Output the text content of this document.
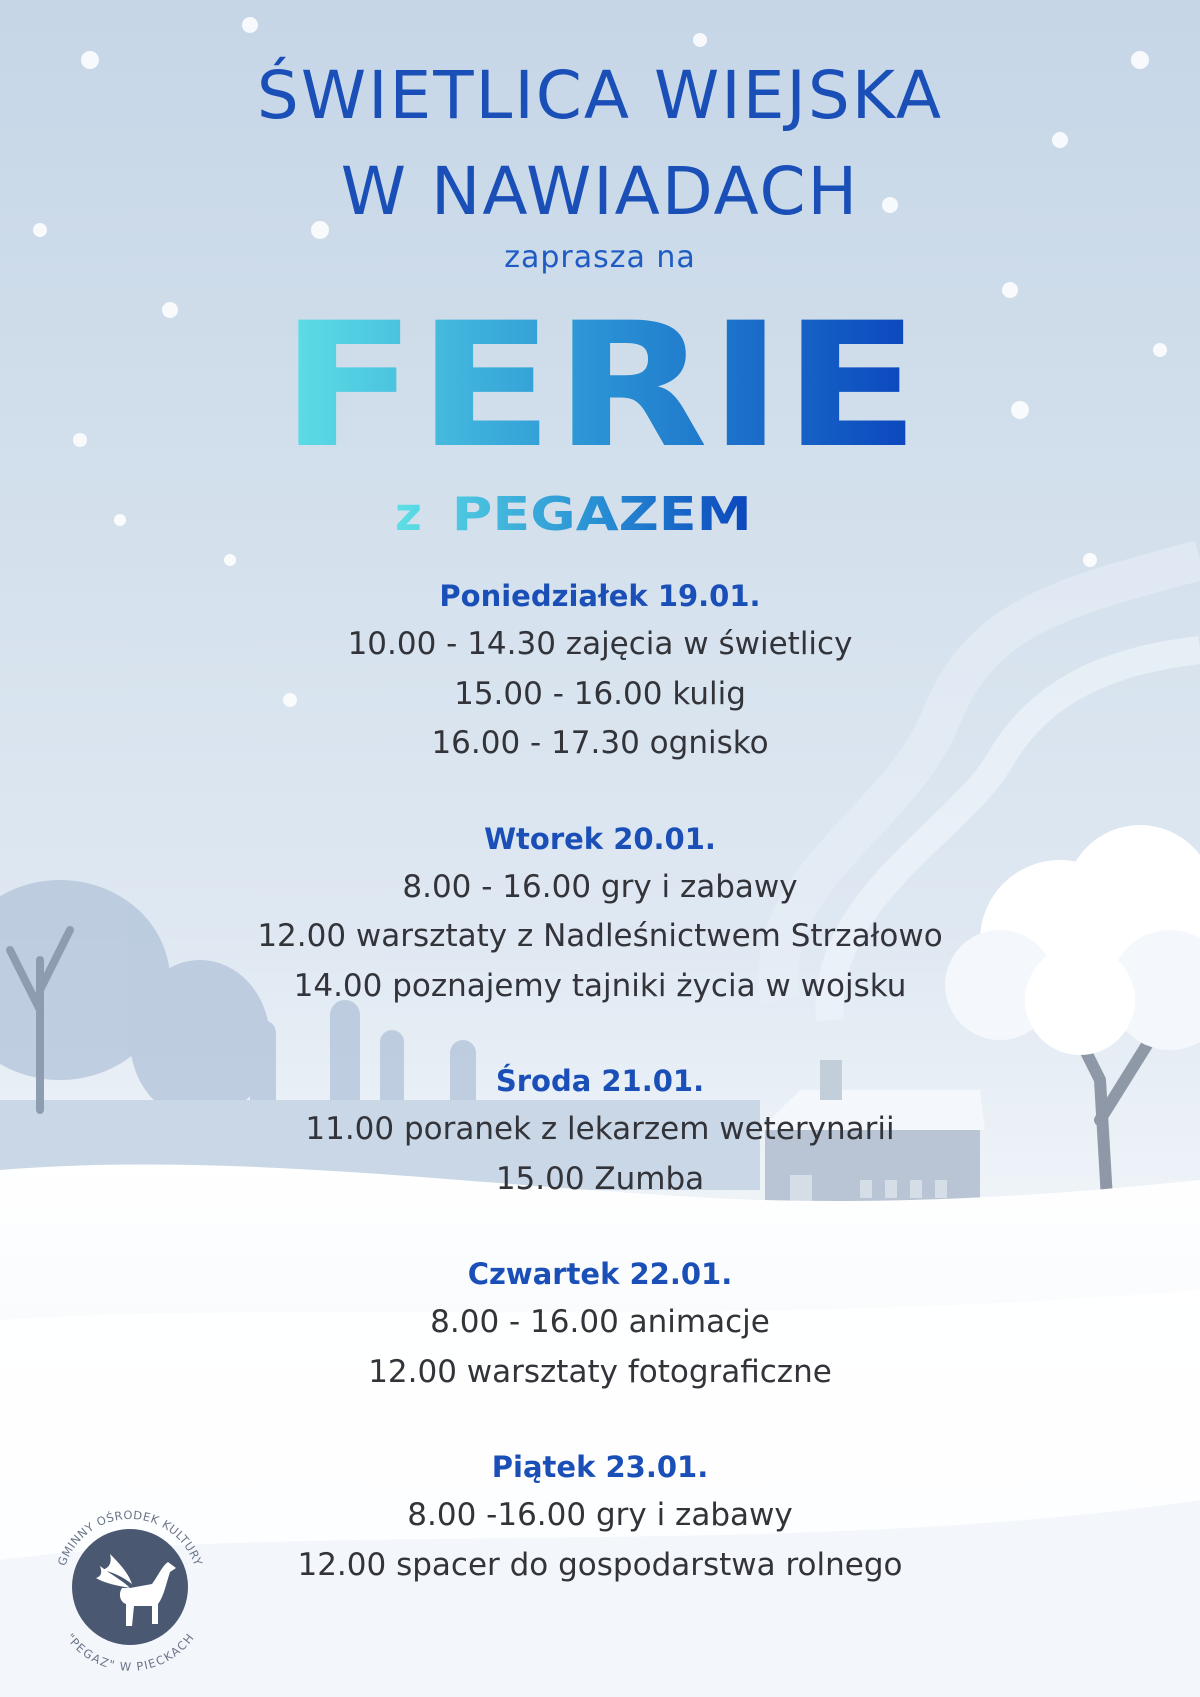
ŚWIETLICA WIEJSKA
W NAWIADACH
zaprasza na
FERIE
z PEGAZEM
Poniedziałek 19.01.
10.00 - 14.30 zajęcia w świetlicy
15.00 - 16.00 kulig
16.00 - 17.30 ognisko
Wtorek 20.01.
8.00 - 16.00 gry i zabawy
12.00 warsztaty z Nadleśnictwem Strzałowo
14.00 poznajemy tajniki życia w wojsku
Środa 21.01.
11.00 poranek z lekarzem weterynarii
15.00 Zumba
Czwartek 22.01.
8.00 - 16.00 animacje
12.00 warsztaty fotograficzne
Piątek 23.01.
8.00 -16.00 gry i zabawy
12.00 spacer do gospodarstwa rolnego
GMINNY OŚRODEK KULTURY
"PEGAZ" W PIECKACH
